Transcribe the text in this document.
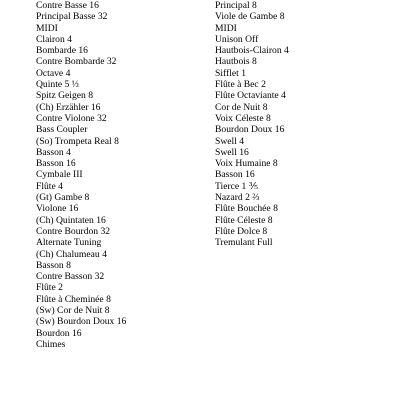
Contre Basse 16
Principal Basse 32
MIDI
Clairon 4
Bombarde 16
Contre Bombarde 32
Octave 4
Quinte 5 ⅓
Spitz Geigen 8
(Ch) Erzähler 16
Contre Violone 32
Bass Coupler
(So) Trompeta Real 8
Basson 4
Basson 16
Cymbale III
Flûte 4
(Gt) Gambe 8
Violone 16
(Ch) Quintaten 16
Contre Bourdon 32
Alternate Tuning
(Ch) Chalumeau 4
Basson 8
Contre Basson 32
Flûte 2
Flûte à Cheminée 8
(Sw) Cor de Nuit 8
(Sw) Bourdon Doux 16
Bourdon 16
Chimes
Principal 8
Viole de Gambe 8
MIDI
Unison Off
Hautbois-Clairon 4
Hautbois 8
Sifflet 1
Flûte à Bec 2
Flûte Octaviante 4
Cor de Nuit 8
Voix Céleste 8
Bourdon Doux 16
Swell 4
Swell 16
Voix Humaine 8
Basson 16
Tierce 1 ⅗
Nazard 2 ⅔
Flûte Bouchée 8
Flûte Céleste 8
Flûte Dolce 8
Tremulant Full
